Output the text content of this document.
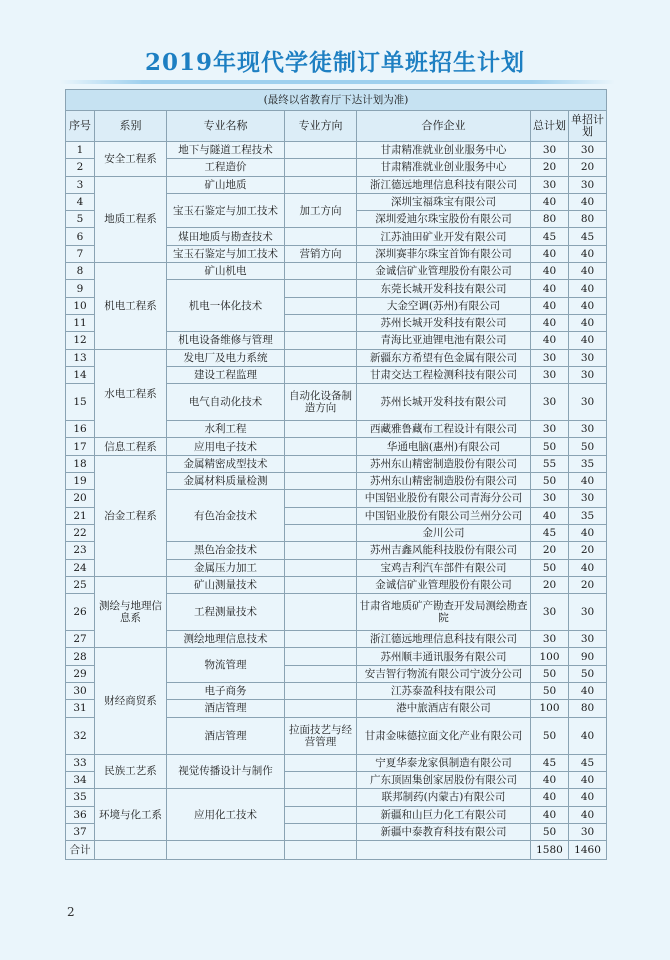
2019年现代学徒制订单班招生计划
(最终以省教育厅下达计划为准)						
序号	系别	专业名称	专业方向	合作企业	总计划	单招计划
1	安全工程系	地下与隧道工程技术		甘肃精准就业创业服务中心	30	30
2		工程造价		甘肃精准就业创业服务中心	20	20
3	地质工程系	矿山地质		浙江德远地理信息科技有限公司	30	30
4		宝玉石鉴定与加工技术	加工方向	深圳宝福珠宝有限公司	40	40
5				深圳爱迪尔珠宝股份有限公司	80	80
6		煤田地质与勘查技术		江苏油田矿业开发有限公司	45	45
7		宝玉石鉴定与加工技术	营销方向	深圳赛菲尔珠宝首饰有限公司	40	40
8	机电工程系	矿山机电		金诚信矿业管理股份有限公司	40	40
9		机电一体化技术		东莞长城开发科技有限公司	40	40
10				大金空调(苏州)有限公司	40	40
11				苏州长城开发科技有限公司	40	40
12		机电设备维修与管理		青海比亚迪锂电池有限公司	40	40
13	水电工程系	发电厂及电力系统		新疆东方希望有色金属有限公司	30	30
14		建设工程监理		甘肃交达工程检测科技有限公司	30	30
15		电气自动化技术	自动化设备制造方向	苏州长城开发科技有限公司	30	30
16		水利工程		西藏雅鲁藏布工程设计有限公司	30	30
17	信息工程系	应用电子技术		华通电脑(惠州)有限公司	50	50
18	冶金工程系	金属精密成型技术		苏州东山精密制造股份有限公司	55	35
19		金属材料质量检测		苏州东山精密制造股份有限公司	50	40
20		有色冶金技术		中国铝业股份有限公司青海分公司	30	30
21				中国铝业股份有限公司兰州分公司	40	35
22				金川公司	45	40
23		黑色冶金技术		苏州吉鑫风能科技股份有限公司	20	20
24		金属压力加工		宝鸡吉利汽车部件有限公司	50	40
25	测绘与地理信息系	矿山测量技术		金诚信矿业管理股份有限公司	20	20
26		工程测量技术		甘肃省地质矿产勘查开发局测绘勘查院	30	30
27		测绘地理信息技术		浙江德远地理信息科技有限公司	30	30
28	财经商贸系	物流管理		苏州顺丰通讯服务有限公司	100	90
29				安吉智行物流有限公司宁波分公司	50	50
30		电子商务		江苏泰盈科技有限公司	50	40
31		酒店管理		港中旅酒店有限公司	100	80
32		酒店管理	拉面技艺与经营管理	甘肃金味德拉面文化产业有限公司	50	40
33	民族工艺系	视觉传播设计与制作		宁夏华泰龙家俱制造有限公司	45	45
34				广东顶固集创家居股份有限公司	40	40
35	环境与化工系	应用化工技术		联邦制药(内蒙古)有限公司	40	40
36				新疆和山巨力化工有限公司	40	40
37				新疆中泰教育科技有限公司	50	30
合计					1580	1460
2
